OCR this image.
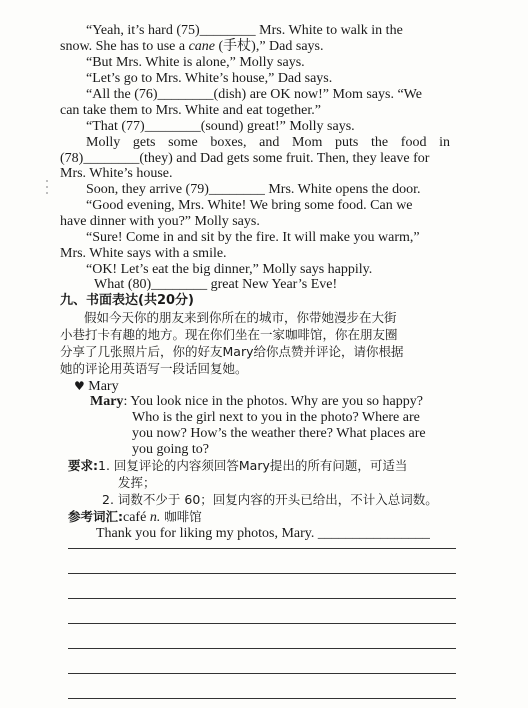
“Yeah, it’s hard (75)________ Mrs. White to walk in the
snow. She has to use a cane (手杖),” Dad says.
“But Mrs. White is alone,” Molly says.
“Let’s go to Mrs. White’s house,” Dad says.
“All the (76)________(dish) are OK now!” Mom says. “We
can take them to Mrs. White and eat together.”
“That (77)________(sound) great!” Molly says.
Molly gets some boxes, and Mom puts the food in
(78)________(they) and Dad gets some fruit. Then, they leave for
Mrs. White’s house.
Soon, they arrive (79)________ Mrs. White opens the door.
“Good evening, Mrs. White! We bring some food. Can we
have dinner with you?” Molly says.
“Sure! Come in and sit by the fire. It will make you warm,”
Mrs. White says with a smile.
“OK! Let’s eat the big dinner,” Molly says happily.
What (80)________ great New Year’s Eve!
九、书面表达(共20分)
假如今天你的朋友来到你所在的城市，你带她漫步在大街
小巷打卡有趣的地方。现在你们坐在一家咖啡馆，你在朋友圈
分享了几张照片后，你的好友Mary给你点赞并评论，请你根据
她的评论用英语写一段话回复她。
♥ Mary
Mary: You look nice in the photos. Why are you so happy?
Who is the girl next to you in the photo? Where are
you now? How’s the weather there? What places are
you going to?
要求:1. 回复评论的内容须回答Mary提出的所有问题，可适当
发挥；
2. 词数不少于 60；回复内容的开头已给出，不计入总词数。
参考词汇:café n. 咖啡馆
Thank you for liking my photos, Mary. ________________
